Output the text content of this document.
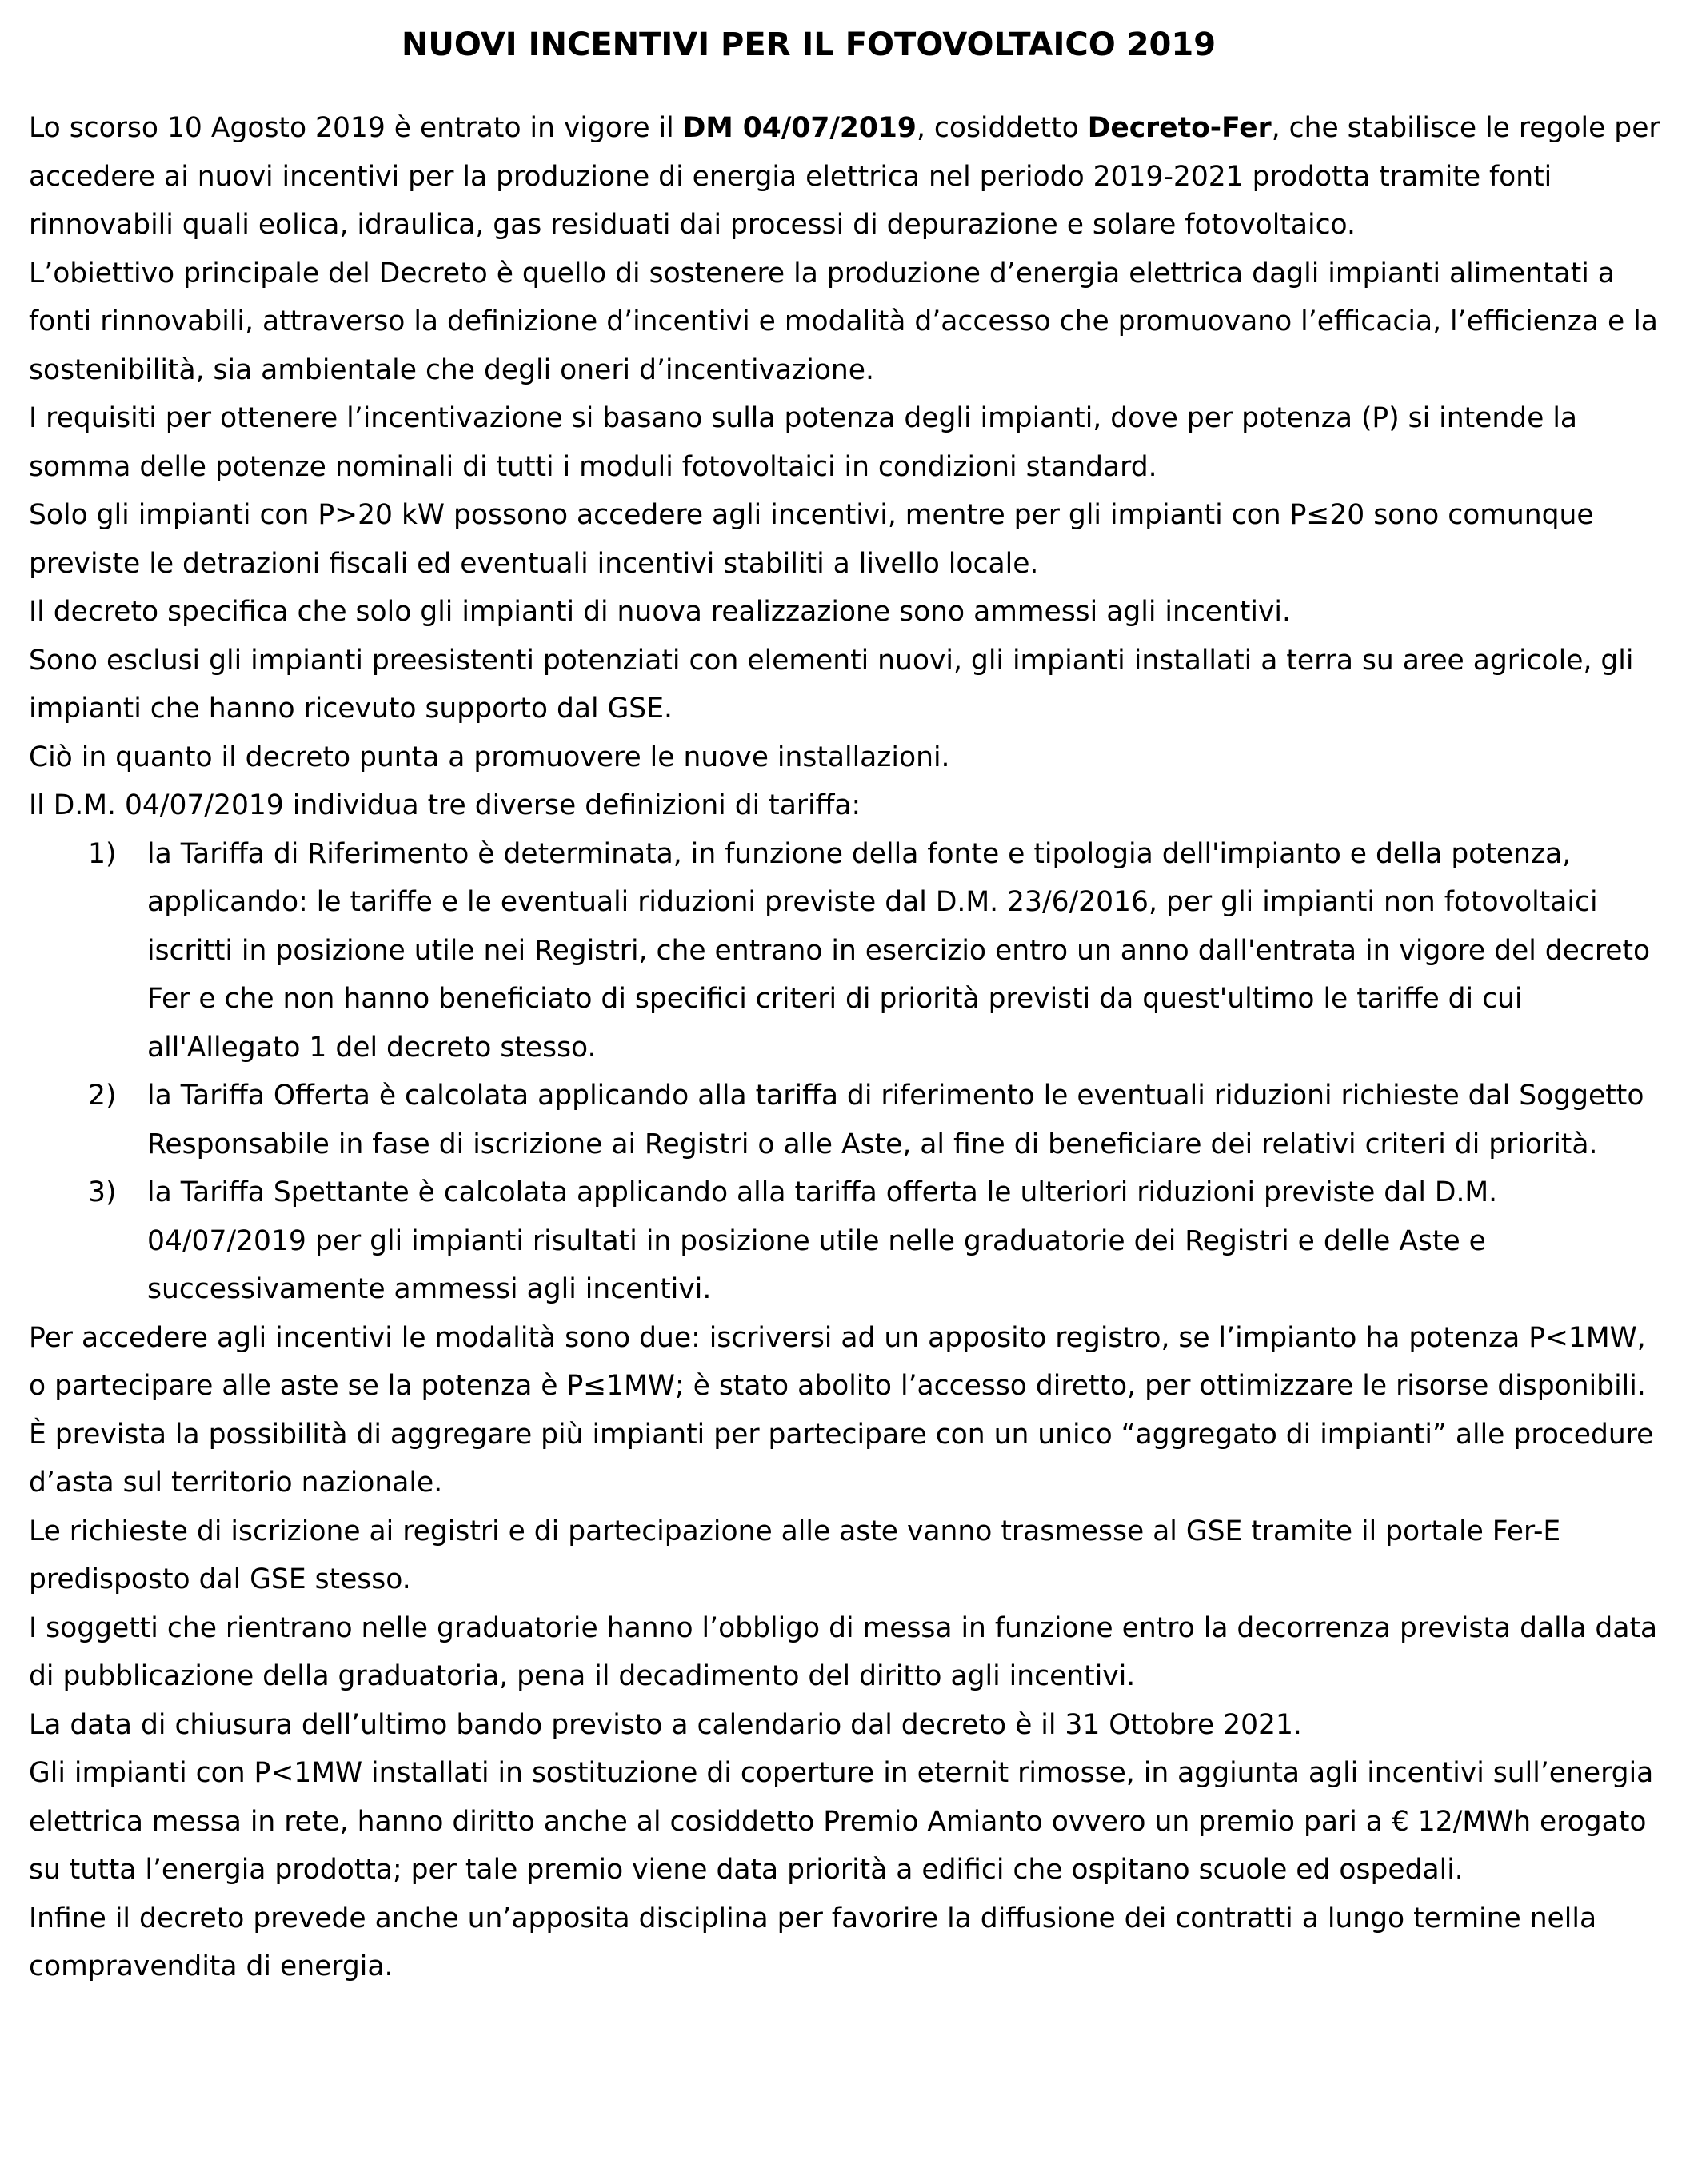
NUOVI INCENTIVI PER IL FOTOVOLTAICO 2019

Lo scorso 10 Agosto 2019 è entrato in vigore il DM 04/07/2019, cosiddetto Decreto-Fer, che stabilisce le regole per accedere ai nuovi incentivi per la produzione di energia elettrica nel periodo 2019-2021 prodotta tramite fonti rinnovabili quali eolica, idraulica, gas residuati dai processi di depurazione e solare fotovoltaico.

L’obiettivo principale del Decreto è quello di sostenere la produzione d’energia elettrica dagli impianti alimentati a fonti rinnovabili, attraverso la definizione d’incentivi e modalità d’accesso che promuovano l’efficacia, l’efficienza e la sostenibilità, sia ambientale che degli oneri d’incentivazione.

I requisiti per ottenere l’incentivazione si basano sulla potenza degli impianti, dove per potenza (P) si intende la somma delle potenze nominali di tutti i moduli fotovoltaici in condizioni standard.

Solo gli impianti con P>20 kW possono accedere agli incentivi, mentre per gli impianti con P≤20 sono comunque previste le detrazioni fiscali ed eventuali incentivi stabiliti a livello locale.

Il decreto specifica che solo gli impianti di nuova realizzazione sono ammessi agli incentivi.

Sono esclusi gli impianti preesistenti potenziati con elementi nuovi, gli impianti installati a terra su aree agricole, gli impianti che hanno ricevuto supporto dal GSE.

Ciò in quanto il decreto punta a promuovere le nuove installazioni.

Il D.M. 04/07/2019 individua tre diverse definizioni di tariffa:

1)	la Tariffa di Riferimento è determinata, in funzione della fonte e tipologia dell'impianto e della potenza, applicando: le tariffe e le eventuali riduzioni previste dal D.M. 23/6/2016, per gli impianti non fotovoltaici iscritti in posizione utile nei Registri, che entrano in esercizio entro un anno dall'entrata in vigore del decreto Fer e che non hanno beneficiato di specifici criteri di priorità previsti da quest'ultimo le tariffe di cui all'Allegato 1 del decreto stesso.
2)	la Tariffa Offerta è calcolata applicando alla tariffa di riferimento le eventuali riduzioni richieste dal Soggetto Responsabile in fase di iscrizione ai Registri o alle Aste, al fine di beneficiare dei relativi criteri di priorità.
3)	la Tariffa Spettante è calcolata applicando alla tariffa offerta le ulteriori riduzioni previste dal D.M. 04/07/2019 per gli impianti risultati in posizione utile nelle graduatorie dei Registri e delle Aste e successivamente ammessi agli incentivi.

Per accedere agli incentivi le modalità sono due: iscriversi ad un apposito registro, se l’impianto ha potenza P<1MW, o partecipare alle aste se la potenza è P≤1MW; è stato abolito l’accesso diretto, per ottimizzare le risorse disponibili. È prevista la possibilità di aggregare più impianti per partecipare con un unico “aggregato di impianti” alle procedure d’asta sul territorio nazionale.

Le richieste di iscrizione ai registri e di partecipazione alle aste vanno trasmesse al GSE tramite il portale Fer-E predisposto dal GSE stesso.

I soggetti che rientrano nelle graduatorie hanno l’obbligo di messa in funzione entro la decorrenza prevista dalla data di pubblicazione della graduatoria, pena il decadimento del diritto agli incentivi.

La data di chiusura dell’ultimo bando previsto a calendario dal decreto è il 31 Ottobre 2021.

Gli impianti con P<1MW installati in sostituzione di coperture in eternit rimosse, in aggiunta agli incentivi sull’energia elettrica messa in rete, hanno diritto anche al cosiddetto Premio Amianto ovvero un premio pari a € 12/MWh erogato su tutta l’energia prodotta; per tale premio viene data priorità a edifici che ospitano scuole ed ospedali.

Infine il decreto prevede anche un’apposita disciplina per favorire la diffusione dei contratti a lungo termine nella compravendita di energia.
